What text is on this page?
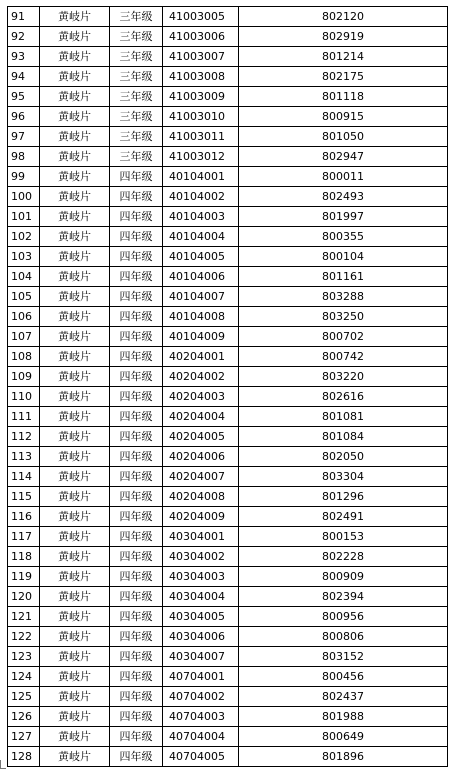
91	黄岐片	三年级	41003005	802120
92	黄岐片	三年级	41003006	802919
93	黄岐片	三年级	41003007	801214
94	黄岐片	三年级	41003008	802175
95	黄岐片	三年级	41003009	801118
96	黄岐片	三年级	41003010	800915
97	黄岐片	三年级	41003011	801050
98	黄岐片	三年级	41003012	802947
99	黄岐片	四年级	40104001	800011
100	黄岐片	四年级	40104002	802493
101	黄岐片	四年级	40104003	801997
102	黄岐片	四年级	40104004	800355
103	黄岐片	四年级	40104005	800104
104	黄岐片	四年级	40104006	801161
105	黄岐片	四年级	40104007	803288
106	黄岐片	四年级	40104008	803250
107	黄岐片	四年级	40104009	800702
108	黄岐片	四年级	40204001	800742
109	黄岐片	四年级	40204002	803220
110	黄岐片	四年级	40204003	802616
111	黄岐片	四年级	40204004	801081
112	黄岐片	四年级	40204005	801084
113	黄岐片	四年级	40204006	802050
114	黄岐片	四年级	40204007	803304
115	黄岐片	四年级	40204008	801296
116	黄岐片	四年级	40204009	802491
117	黄岐片	四年级	40304001	800153
118	黄岐片	四年级	40304002	802228
119	黄岐片	四年级	40304003	800909
120	黄岐片	四年级	40304004	802394
121	黄岐片	四年级	40304005	800956
122	黄岐片	四年级	40304006	800806
123	黄岐片	四年级	40304007	803152
124	黄岐片	四年级	40704001	800456
125	黄岐片	四年级	40704002	802437
126	黄岐片	四年级	40704003	801988
127	黄岐片	四年级	40704004	800649
128	黄岐片	四年级	40704005	801896
